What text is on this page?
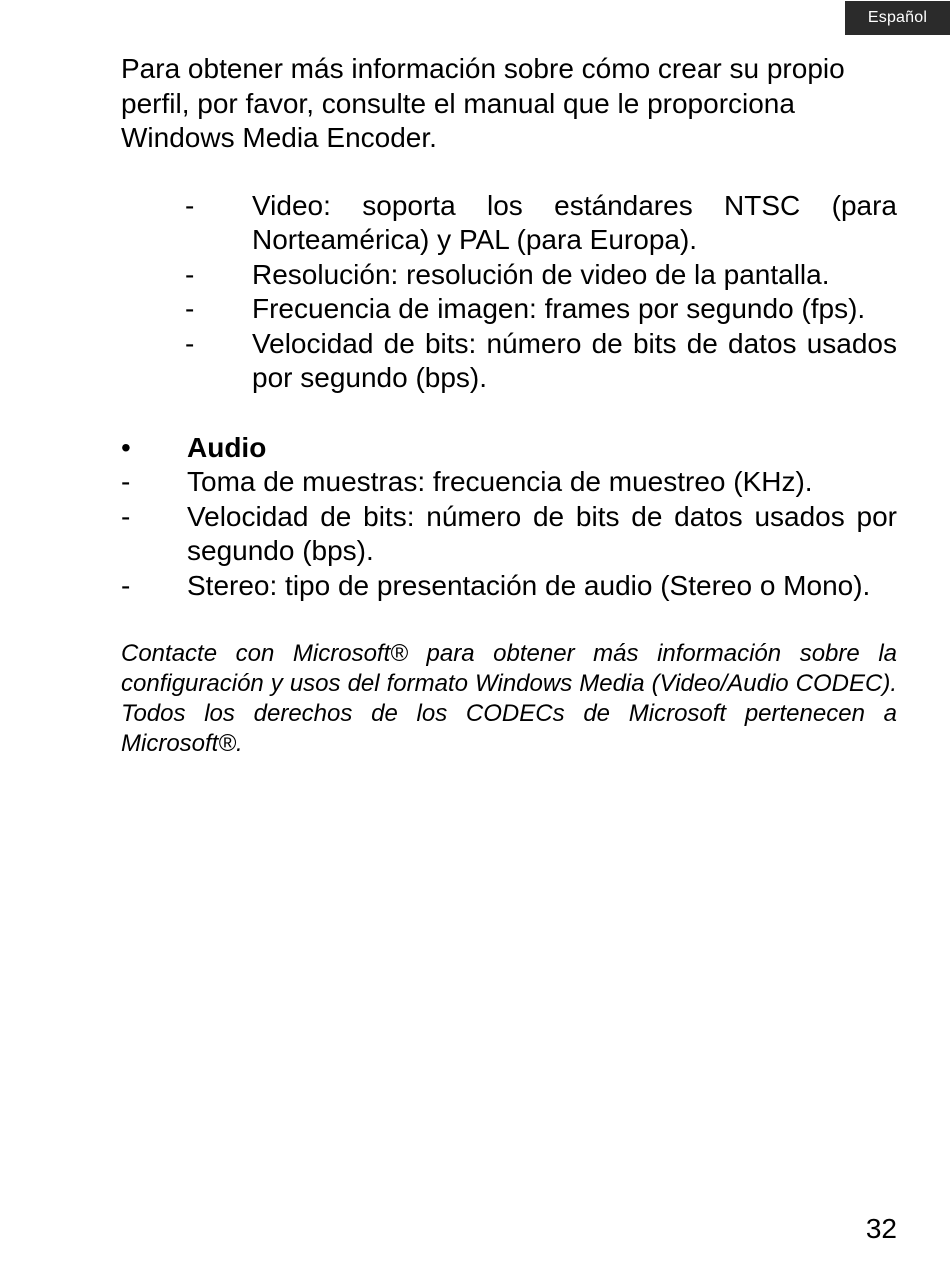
Español

Para obtener más información sobre cómo crear su propio perfil, por favor, consulte el manual que le proporciona Windows Media Encoder.

- Video: soporta los estándares NTSC (para Norteamérica) y PAL (para Europa).
- Resolución: resolución de video de la pantalla.
- Frecuencia de imagen: frames por segundo (fps).
- Velocidad de bits: número de bits de datos usados por segundo (bps).
• Audio
- Toma de muestras: frecuencia de muestreo (KHz).
- Velocidad de bits: número de bits de datos usados por segundo (bps).
- Stereo: tipo de presentación de audio (Stereo o Mono).

Contacte con Microsoft® para obtener más información sobre la configuración y usos del formato Windows Media (Video/Audio CODEC). Todos los derechos de los CODECs de Microsoft pertenecen a Microsoft®.

32
